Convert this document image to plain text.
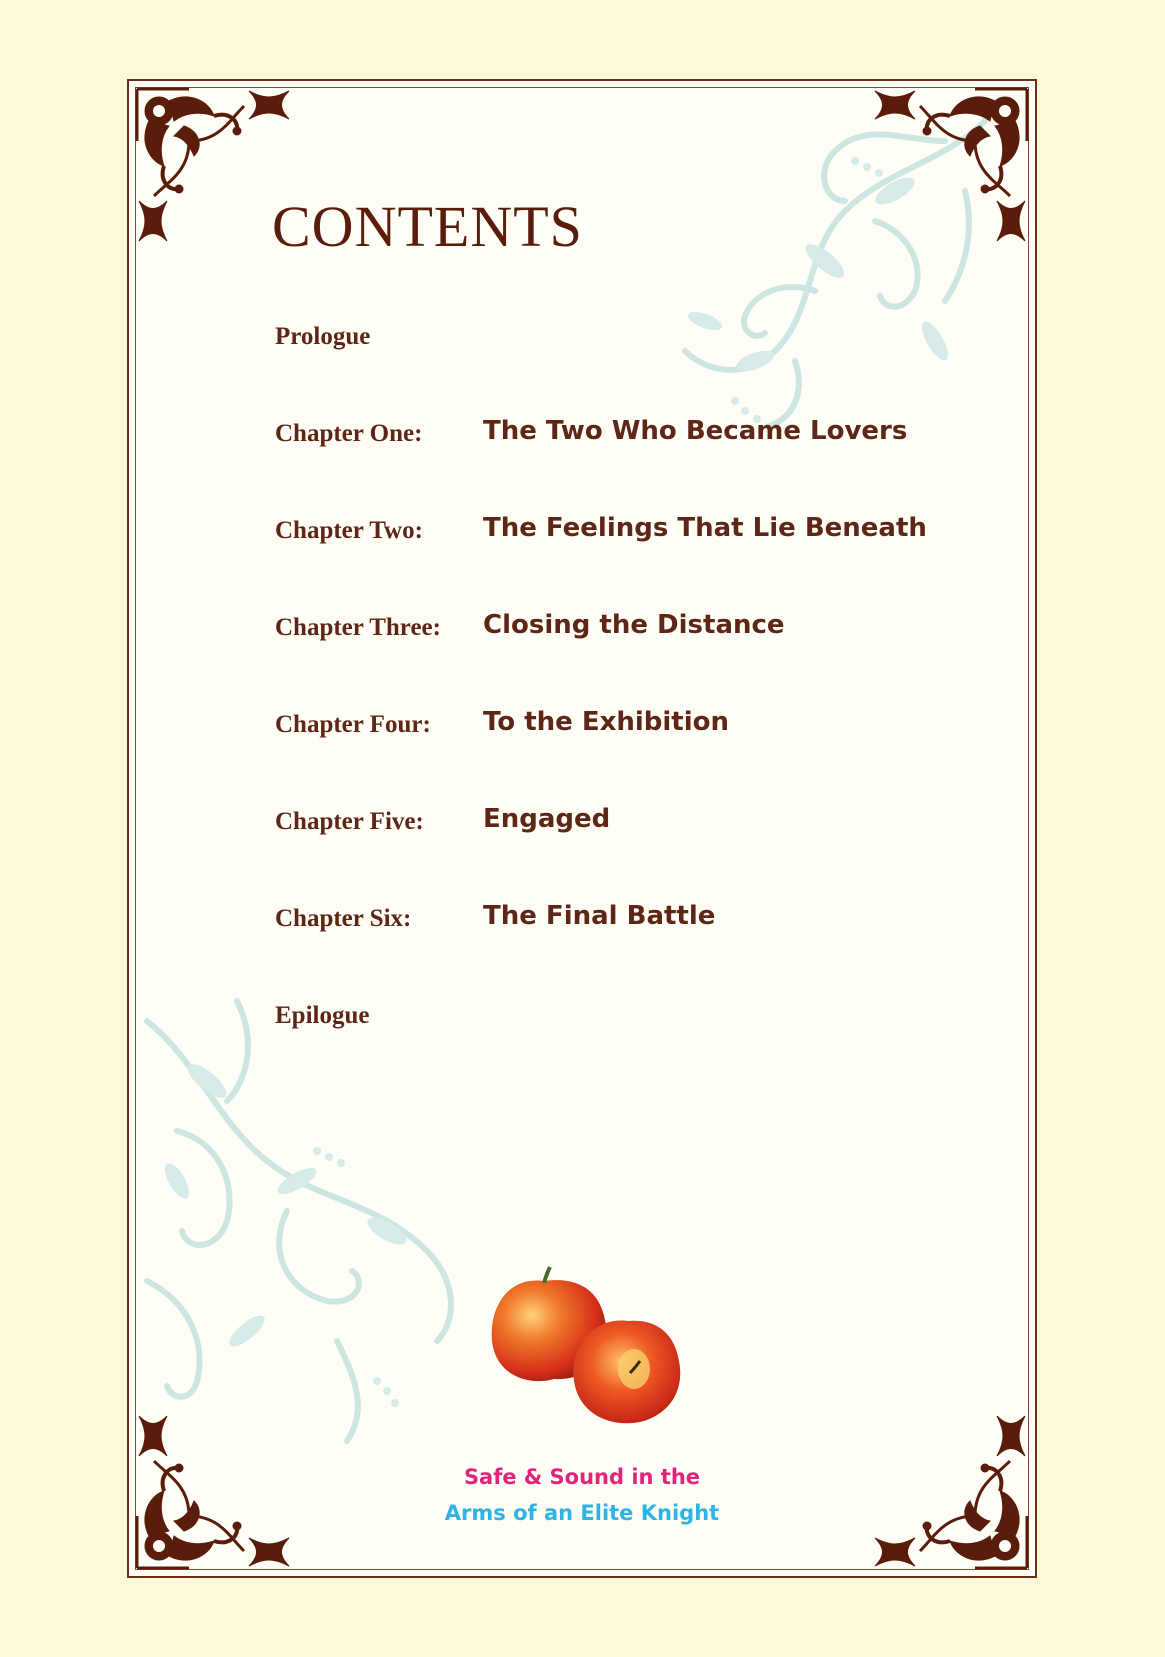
CONTENTS
Prologue
Chapter One: The Two Who Became Lovers
Chapter Two: The Feelings That Lie Beneath
Chapter Three: Closing the Distance
Chapter Four: To the Exhibition
Chapter Five: Engaged
Chapter Six:	The Final Battle
Epilogue
Safe & Sound in the
Arms of an Elite Knight
